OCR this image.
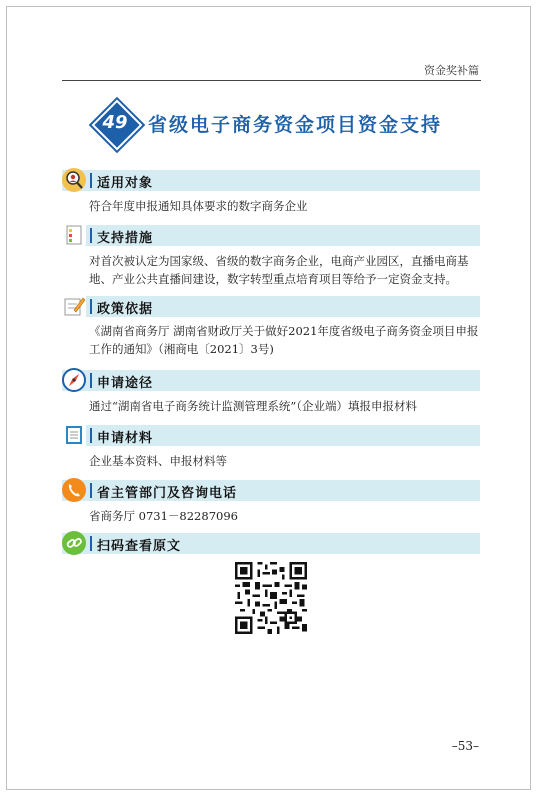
资金奖补篇
49	省级电子商务资金项目资金支持
适用对象
符合年度申报通知具体要求的数字商务企业
支持措施
对首次被认定为国家级、省级的数字商务企业，电商产业园区，直播电商基地、产业公共直播间建设，数字转型重点培育项目等给予一定资金支持。
政策依据
《湖南省商务厅 湖南省财政厅关于做好2021年度省级电子商务资金项目申报工作的通知》（湘商电〔2021〕3号)
申请途径
通过“湖南省电子商务统计监测管理系统”（企业端）填报申报材料
申请材料
企业基本资料、申报材料等
省主管部门及咨询电话
省商务厅 0731－82287096
扫码查看原文
–53–
